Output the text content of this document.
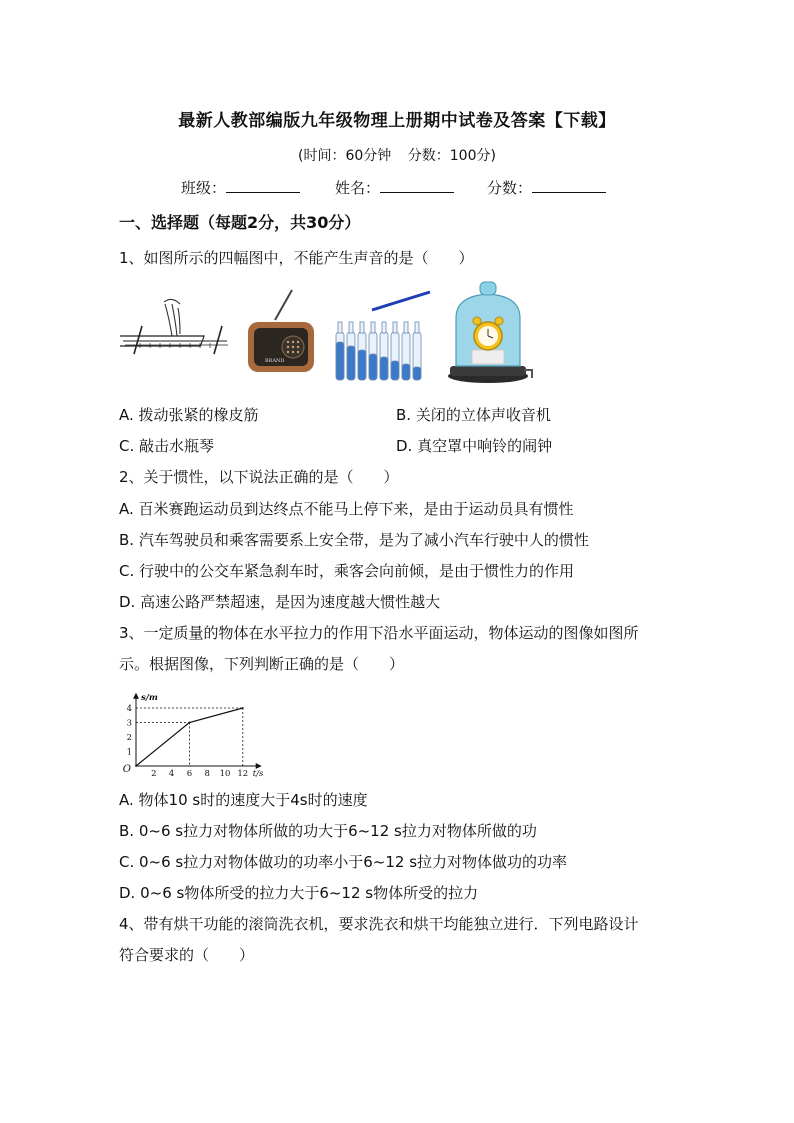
最新人教部编版九年级物理上册期中试卷及答案【下载】
(时间：60分钟 分数：100分)
班级：	姓名：	分数：
一、选择题（每题2分，共30分）
1、如图所示的四幅图中，不能产生声音的是（　　）
BRAND
A. 拨动张紧的橡皮筋	B. 关闭的立体声收音机
C. 敲击水瓶琴	D. 真空罩中响铃的闹钟
2、关于惯性，以下说法正确的是（　　）
A. 百米赛跑运动员到达终点不能马上停下来，是由于运动员具有惯性
B. 汽车驾驶员和乘客需要系上安全带，是为了减小汽车行驶中人的惯性
C. 行驶中的公交车紧急刹车时，乘客会向前倾，是由于惯性力的作用
D. 高速公路严禁超速，是因为速度越大惯性越大
3、一定质量的物体在水平拉力的作用下沿水平面运动，物体运动的图像如图所
示。根据图像，下列判断正确的是（　　）
2 4 6 8 10 12
1
2
3
4
O
s/m
t/s
A. 物体10 s时的速度大于4s时的速度
B. 0~6 s拉力对物体所做的功大于6~12 s拉力对物体所做的功
C. 0~6 s拉力对物体做功的功率小于6~12 s拉力对物体做功的功率
D. 0~6 s物体所受的拉力大于6~12 s物体所受的拉力
4、带有烘干功能的滚筒洗衣机，要求洗衣和烘干均能独立进行．下列电路设计
符合要求的（　　）
